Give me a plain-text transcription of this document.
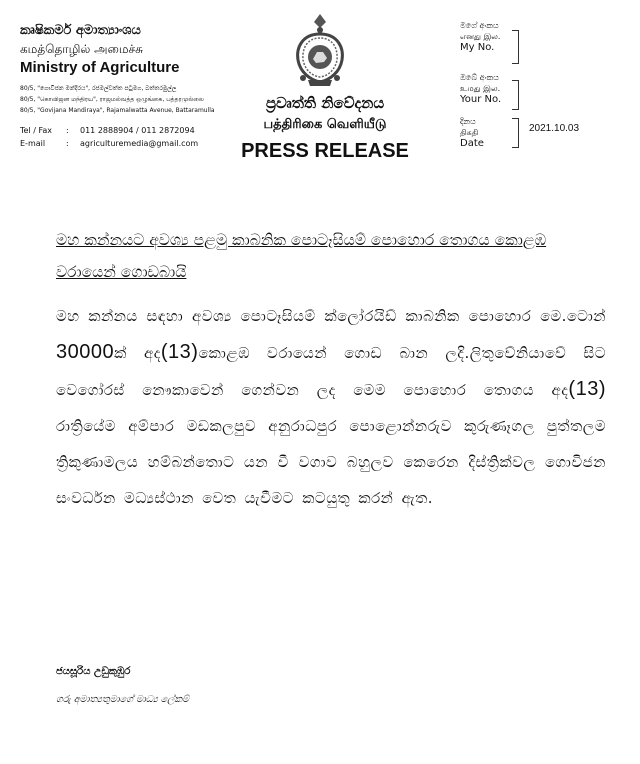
කෘෂිකර්ම අමාත්‍යාංශය
கமத்தொழில் அமைச்சு
Ministry of Agriculture
80/5, "ගොවිජන මන්දිරය", රජමල්වත්ත පටුමග, බත්තරමුල්ල
80/5, "கொவிஜன மந்திரய", ராஜமல்வத்த ஒழுங்கை, பத்தரமுல்லை
80/5, "Govijana Mandiraya", Rajamalwatta Avenue, Battaramulla
Tel / Fax	:	011 2888904 / 011 2872094
E-mail	:	agriculturemedia@gmail.com
ප්‍රවෘත්ති නිවේදනය
பத்திரிகை வெளியீடு
PRESS RELEASE
මගේ අංකය
எனது இல.
My No.
ඔබේ අංකය
உமது இல.
Your No.
දිනය
திகதி
Date
2021.10.03
මහ කන්නයට අවශ්‍ය පළමු කාබනික පොටෑසියම් පොහොර තොගය කොළඹ වරායෙන් ගොඩබායි
මහ කන්නය සඳහා අවශ්‍ය පොටෑසියම් ක්ලෝරයිඩ් කාබනික පොහොර මෙ.ටොන් 30000ක් අද(13)කොළඹ වරායෙන් ගොඩ බාන ලදි.ලිතුවේනියාවේ සිට වෙගෝරස් නෞකාවෙන් ගෙන්වන ලද මෙම පොහොර තොගය අද(13) රාත්‍රියේම අම්පාර මඩකලපුව අනුරාධපුර පොළොන්නරුව කුරුණෑගල පුත්තලම ත්‍රිකුණාමලය හම්බන්තොට යන වී වගාව බහුලව කෙරෙන දිස්ත්‍රික්වල ගොවිජන සංවර්ධන මධ්‍යස්ථාන වෙත යැවීමට කටයුතු කරන් ඇත.
ජයසූරිය උඩුකුඹුර
ගරු අමාත්‍යතුමාගේ මාධ්‍ය ලේකම්
